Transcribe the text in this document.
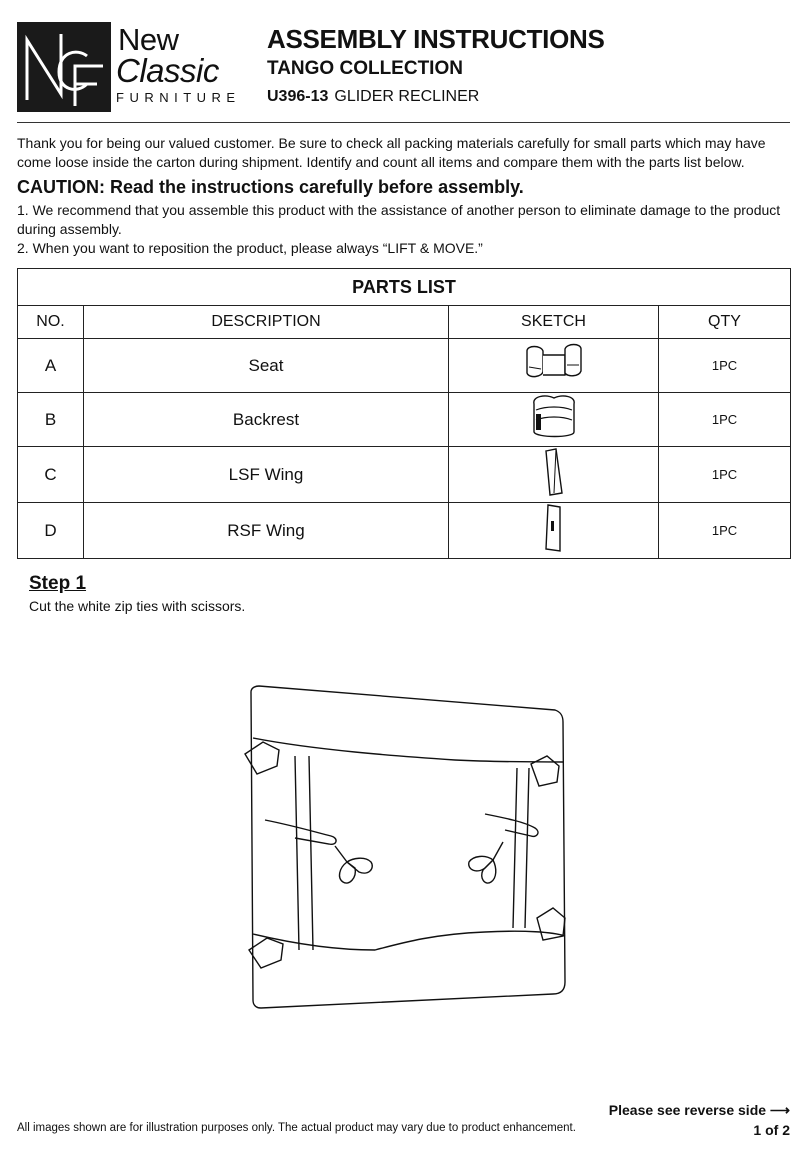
New
Classic
FURNITURE
ASSEMBLY INSTRUCTIONS
TANGO COLLECTION
U396-13 GLIDER RECLINER
Thank you for being our valued customer. Be sure to check all packing materials carefully for small parts which may have come loose inside the carton during shipment. Identify and count all items and compare them with the parts list below.
CAUTION: Read the instructions carefully before assembly.
1. We recommend that you assemble this product with the assistance of another person to eliminate damage to the product during assembly.
2. When you want to reposition the product, please always “LIFT & MOVE.”
PARTS LIST			
NO.	DESCRIPTION	SKETCH	QTY
A	Seat		1PC
B	Backrest		1PC
C	LSF Wing		1PC
D	RSF Wing		1PC
Step 1
Cut the white zip ties with scissors.
All images shown are for illustration purposes only. The actual product may vary due to product enhancement.
Please see reverse side ⟶
1 of 2
